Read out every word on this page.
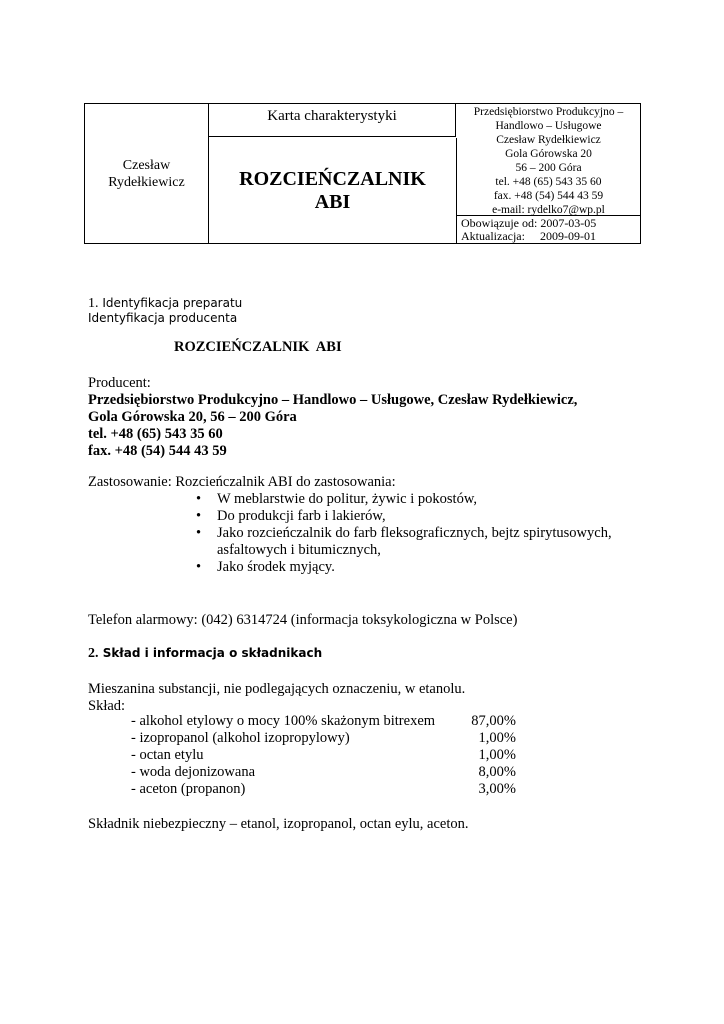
Czesław
Rydełkiewicz
Karta charakterystyki
ROZCIEŃCZALNIK
ABI
Przedsiębiorstwo Produkcyjno –
Handlowo – Usługowe
Czesław Rydełkiewicz
Gola Górowska 20
56 – 200 Góra
tel. +48 (65) 543 35 60
fax. +48 (54) 544 43 59
e-mail: rydelko7@wp.pl
Obowiązuje od: 2007-03-05
Aktualizacja:     2009-09-01
1. Identyfikacja preparatu
Identyfikacja producenta
ROZCIEŃCZALNIK  ABI
Producent:
Przedsiębiorstwo Produkcyjno – Handlowo – Usługowe, Czesław Rydełkiewicz,
Gola Górowska 20, 56 – 200 Góra
tel. +48 (65) 543 35 60
fax. +48 (54) 544 43 59
Zastosowanie: Rozcieńczalnik ABI do zastosowania:
• W meblarstwie do politur, żywic i pokostów,
• Do produkcji farb i lakierów,
• Jako rozcieńczalnik do farb fleksograficznych, bejtz spirytusowych, asfaltowych i bitumicznych,
• Jako środek myjący.
Telefon alarmowy: (042) 6314724 (informacja toksykologiczna w Polsce)
2. Skład i informacja o składnikach
Mieszanina substancji, nie podlegających oznaczeniu, w etanolu.
Skład:
- alkohol etylowy o mocy 100% skażonym bitrexem 87,00%
- izopropanol (alkohol izopropylowy)	1,00%
- octan etylu	1,00%
- woda dejonizowana	8,00%
- aceton (propanon)	3,00%
Składnik niebezpieczny – etanol, izopropanol, octan eylu, aceton.
